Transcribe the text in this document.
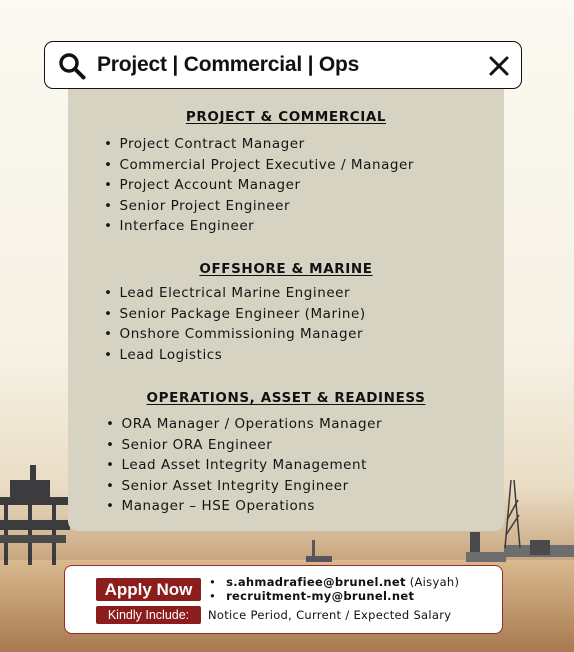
PROJECT & COMMERCIAL
• Project Contract Manager
• Commercial Project Executive / Manager
• Project Account Manager
• Senior Project Engineer
• Interface Engineer
OFFSHORE & MARINE
• Lead Electrical Marine Engineer
• Senior Package Engineer (Marine)
• Onshore Commissioning Manager
• Lead Logistics
OPERATIONS, ASSET & READINESS
• ORA Manager / Operations Manager
• Senior ORA Engineer
• Lead Asset Integrity Management
• Senior Asset Integrity Engineer
• Manager – HSE Operations
Project | Commercial | Ops
Apply Now
•	s.ahmadrafiee@brunel.net (Aisyah)
• recruitment-my@brunel.net
Kindly Include:	Notice Period, Current / Expected Salary
